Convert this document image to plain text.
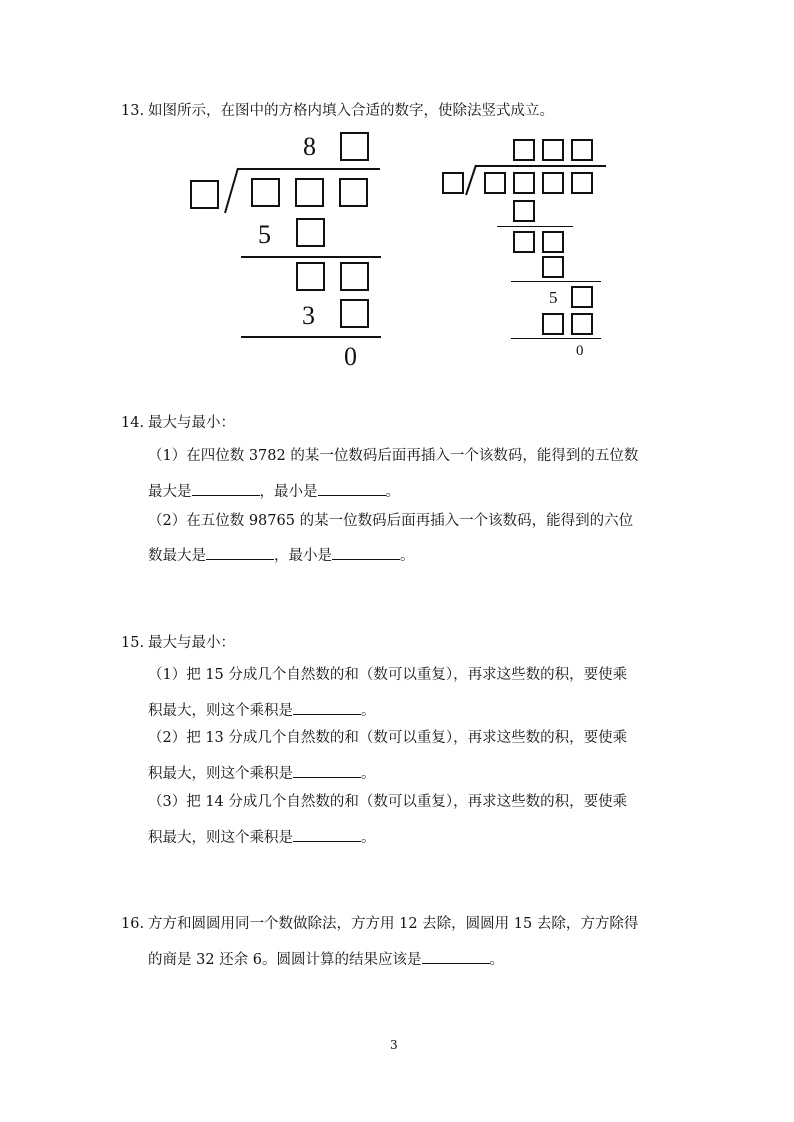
13. 如图所示，在图中的方格内填入合适的数字，使除法竖式成立。
8
5
3
0
5
0
14. 最大与最小：
（1）在四位数 3782 的某一位数码后面再插入一个该数码，能得到的五位数
最大是	，最小是	。
（2）在五位数 98765 的某一位数码后面再插入一个该数码，能得到的六位
数最大是	，最小是	。
15. 最大与最小：
（1）把 15 分成几个自然数的和（数可以重复），再求这些数的积，要使乘
积最大，则这个乘积是	。
（2）把 13 分成几个自然数的和（数可以重复），再求这些数的积，要使乘
积最大，则这个乘积是	。
（3）把 14 分成几个自然数的和（数可以重复），再求这些数的积，要使乘
积最大，则这个乘积是	。
16. 方方和圆圆用同一个数做除法，方方用 12 去除，圆圆用 15 去除，方方除得
的商是 32 还余 6。圆圆计算的结果应该是	。
3
